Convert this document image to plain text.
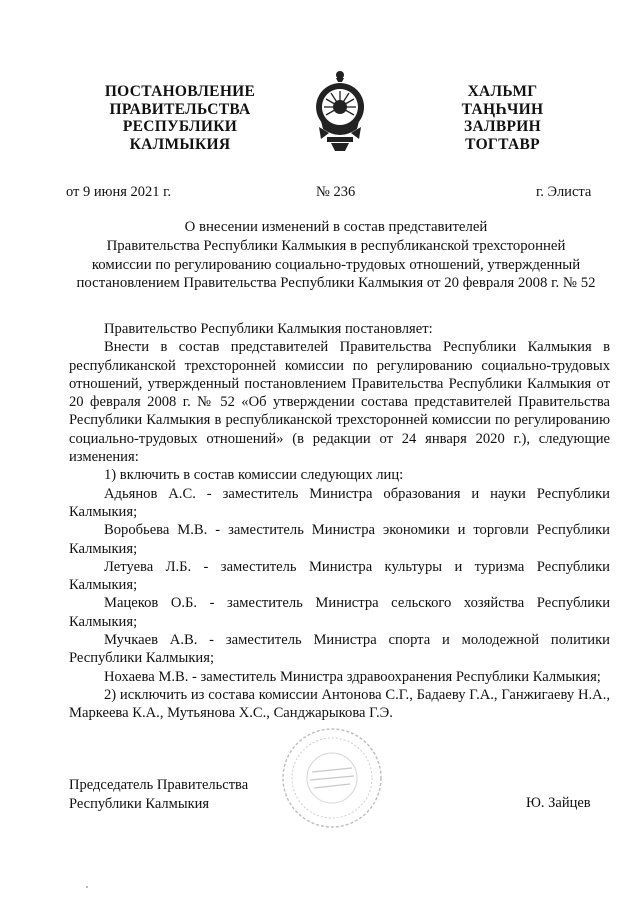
ПОСТАНОВЛЕНИЕ
ПРАВИТЕЛЬСТВА
РЕСПУБЛИКИ
КАЛМЫКИЯ
ХАЛЬМГ
ТАҢҺЧИН
ЗАЛВРИН
ТОГТАВР
от 9 июня 2021 г.	№ 236	г. Элиста
О внесении изменений в состав представителей
Правительства Республики Калмыкия в республиканской трехсторонней
комиссии по регулированию социально-трудовых отношений, утвержденный
постановлением Правительства Республики Калмыкия от 20 февраля 2008 г. № 52

Правительство Республики Калмыкия постановляет:

Внести в состав представителей Правительства Республики Калмыкия в республиканской трехсторонней комиссии по регулированию социально-трудовых отношений, утвержденный постановлением Правительства Республики Калмыкия от 20 февраля 2008 г. № 52 «Об утверждении состава представителей Правительства Республики Калмыкия в республиканской трехсторонней комиссии по регулированию социально-трудовых отношений» (в редакции от 24 января 2020 г.), следующие изменения:

1) включить в состав комиссии следующих лиц:

Адьянов А.С. - заместитель Министра образования и науки Республики Калмыкия;

Воробьева М.В. - заместитель Министра экономики и торговли Республики Калмыкия;

Летуева Л.Б. - заместитель Министра культуры и туризма Республики Калмыкия;

Мацеков О.Б. - заместитель Министра сельского хозяйства Республики Калмыкия;

Мучкаев А.В. - заместитель Министра спорта и молодежной политики Республики Калмыкия;

Нохаева М.В. - заместитель Министра здравоохранения Республики Калмыкия;

2) исключить из состава комиссии Антонова С.Г., Бадаеву Г.А., Ганжигаеву Н.А., Маркеева К.А., Мутьянова Х.С., Санджарыкова Г.Э.

Председатель Правительства
Республики Калмыкия	Ю. Зайцев
